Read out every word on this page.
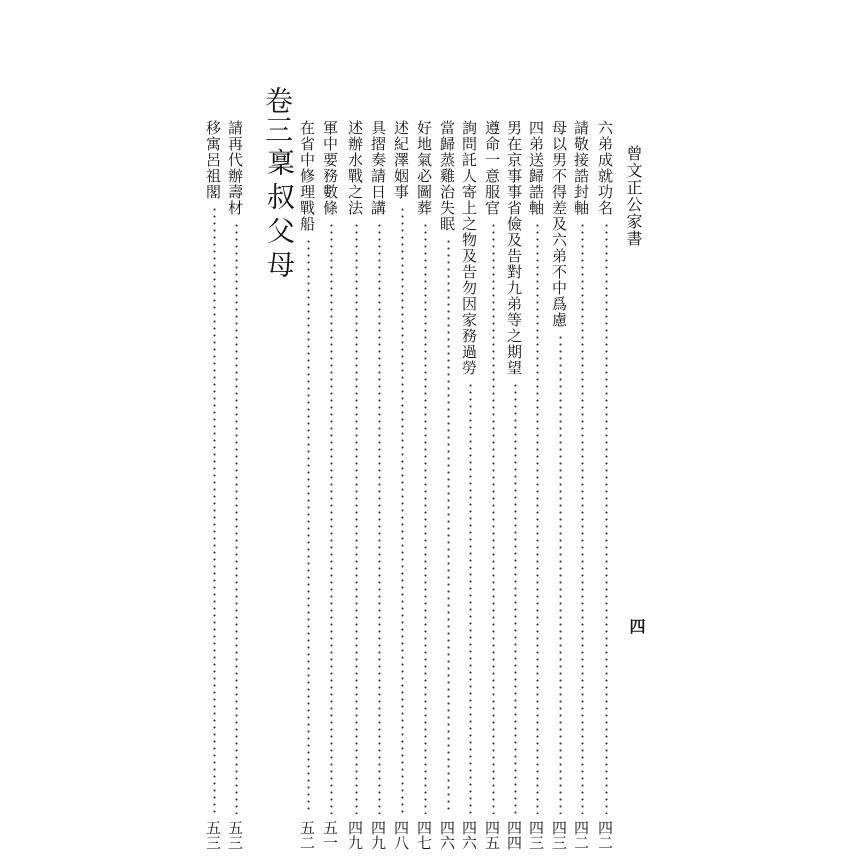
曾文正公家書
四
卷三
稟叔父母	六弟成就功名
四二
請敬接誥封軸
四二
母以男不得差及六弟不中爲慮
四三
四弟送歸誥軸
四三
男在京事事省儉及告對九弟等之期望
四四
遵命一意服官
四五
詢問託人寄上之物及告勿因家務過勞
四六
當歸蒸雞治失眠
四六
好地氣必圖葬
四七
述紀澤姻事
四八
具摺奏請日講
四九
述辦水戰之法
四九
軍中要務數條
五一
在省中修理戰船
五二
請再代辦壽材
五三
移寓呂祖閣
五三
